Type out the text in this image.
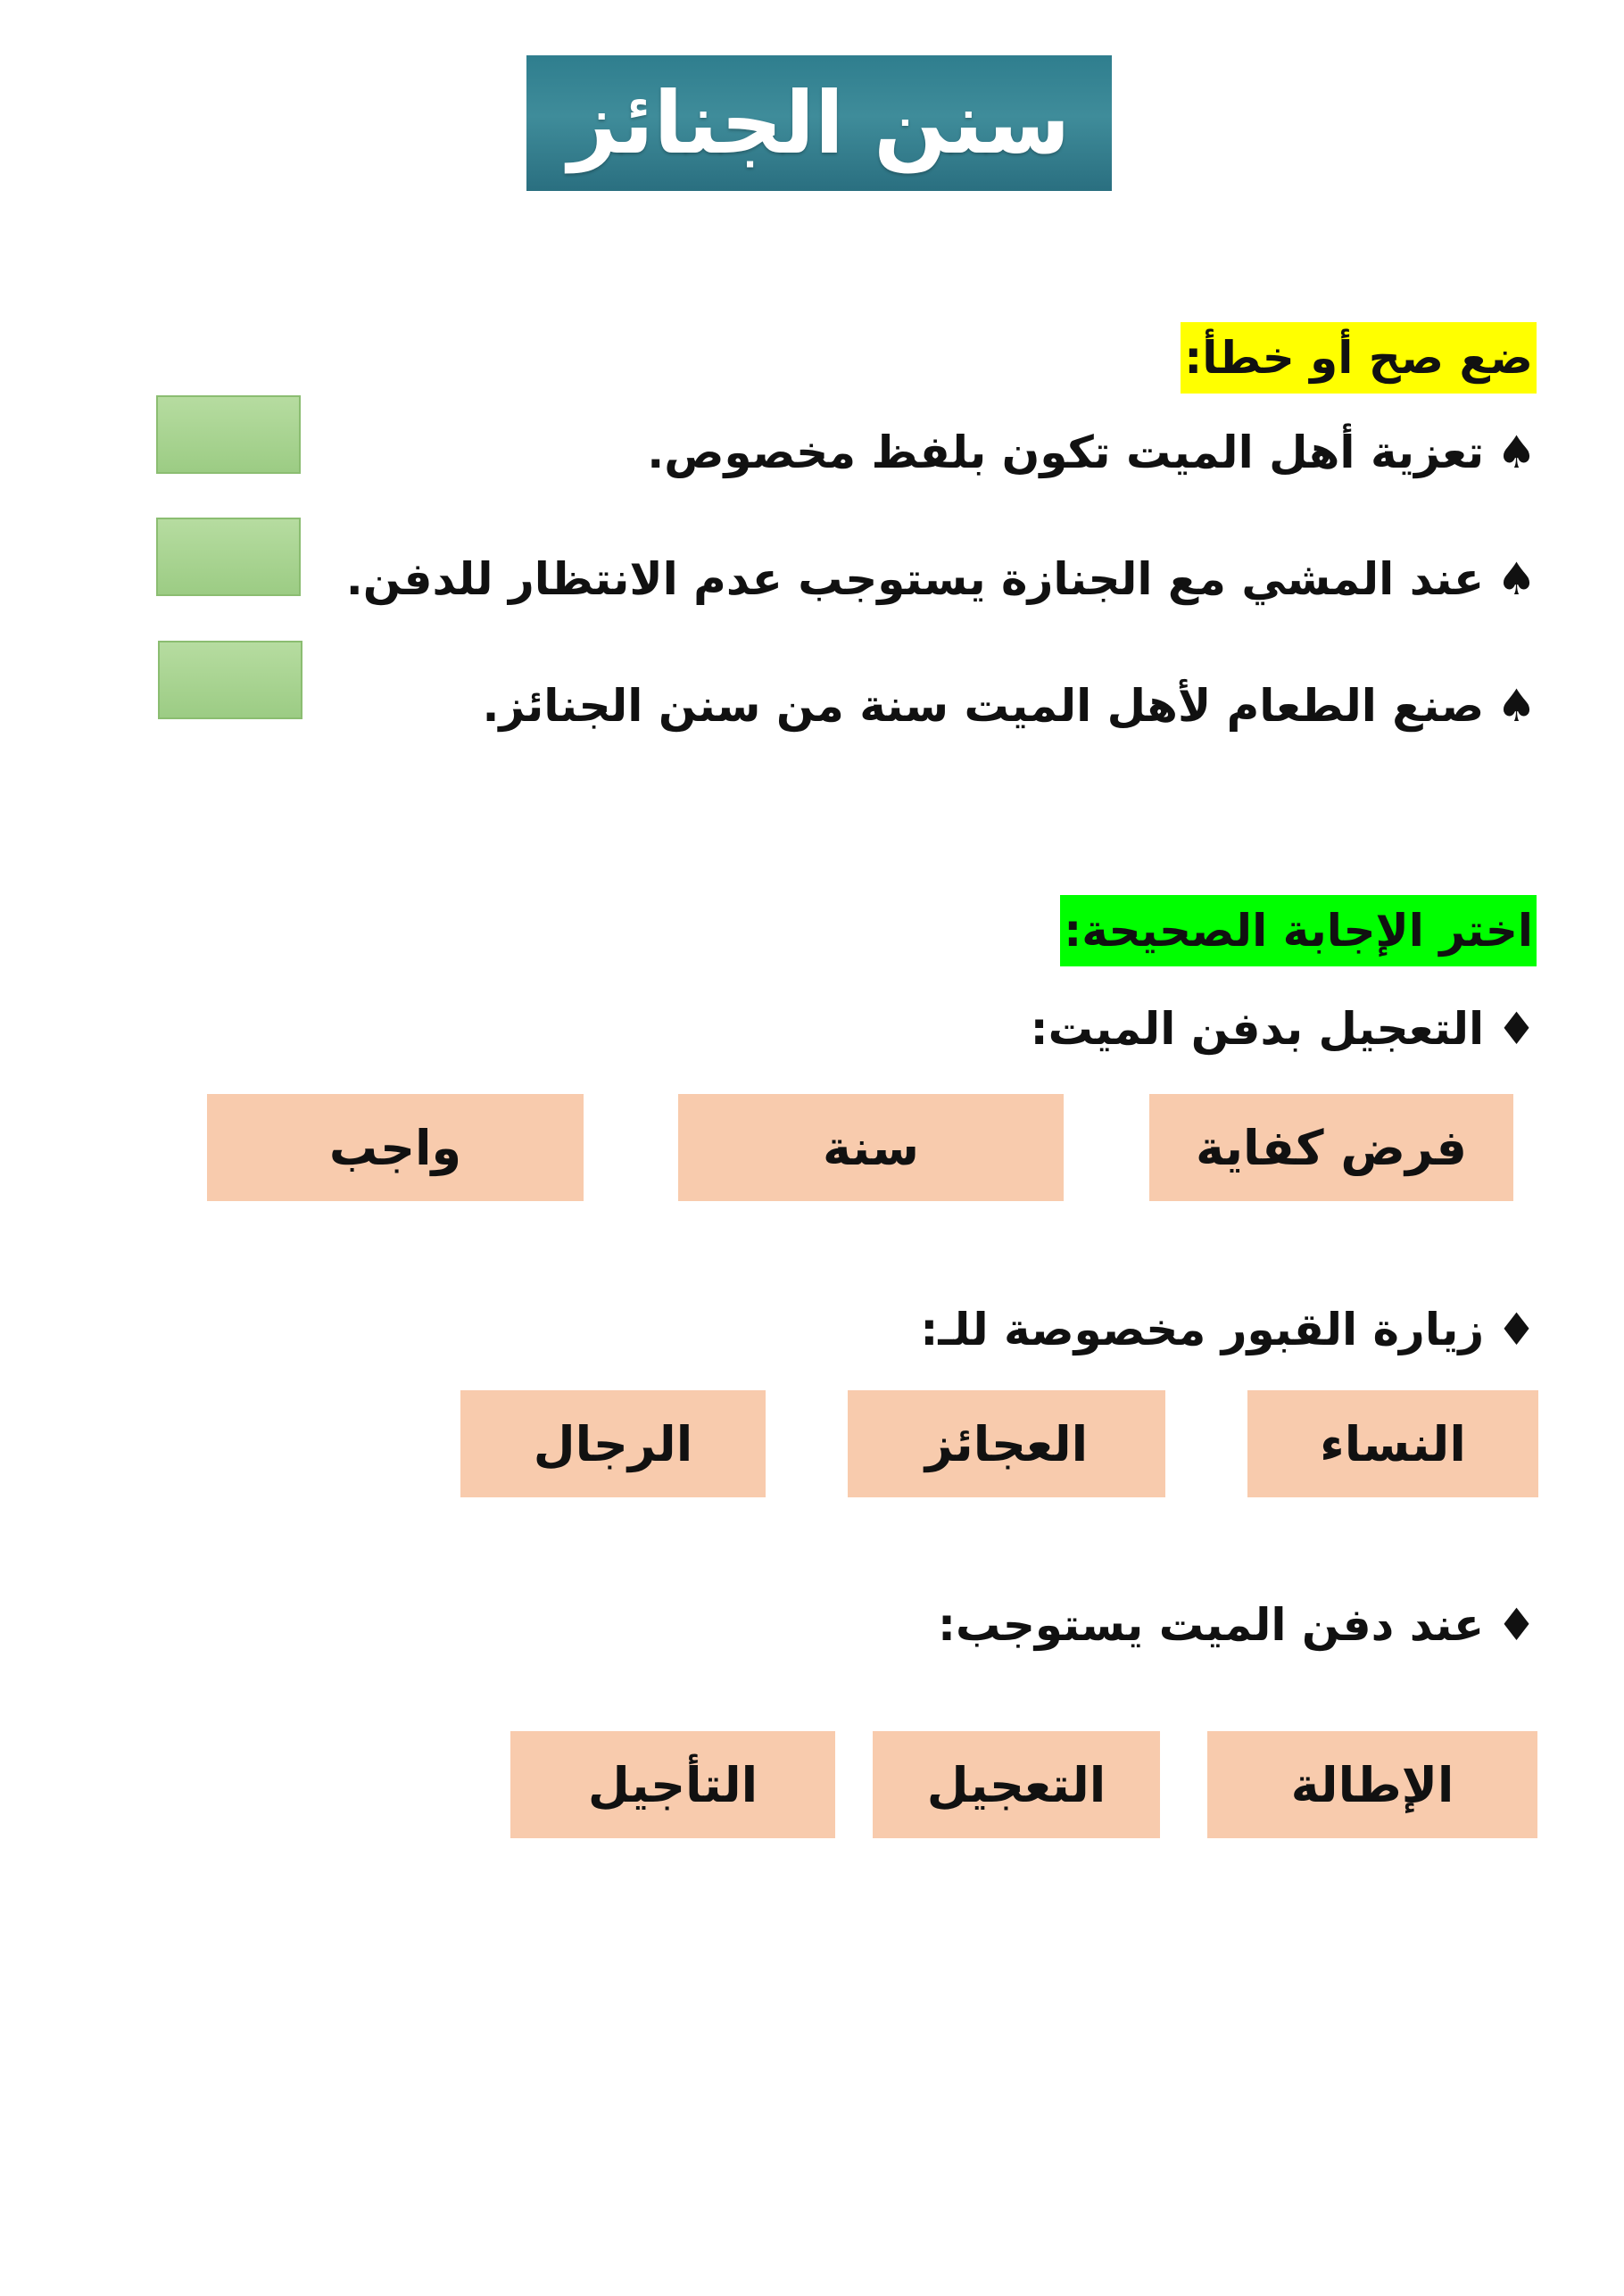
سنن الجنائز
ضع صح أو خطأ:
♠تعزية أهل الميت تكون بلفظ مخصوص.
♠عند المشي مع الجنازة يستوجب عدم الانتظار للدفن.
♠صنع الطعام لأهل الميت سنة من سنن الجنائز.
اختر الإجابة الصحيحة:
♦التعجيل بدفن الميت:
فرض كفاية
سنة
واجب
♦زيارة القبور مخصوصة للـ:
النساء
العجائز
الرجال
♦عند دفن الميت يستوجب:
الإطالة
التعجيل
التأجيل
